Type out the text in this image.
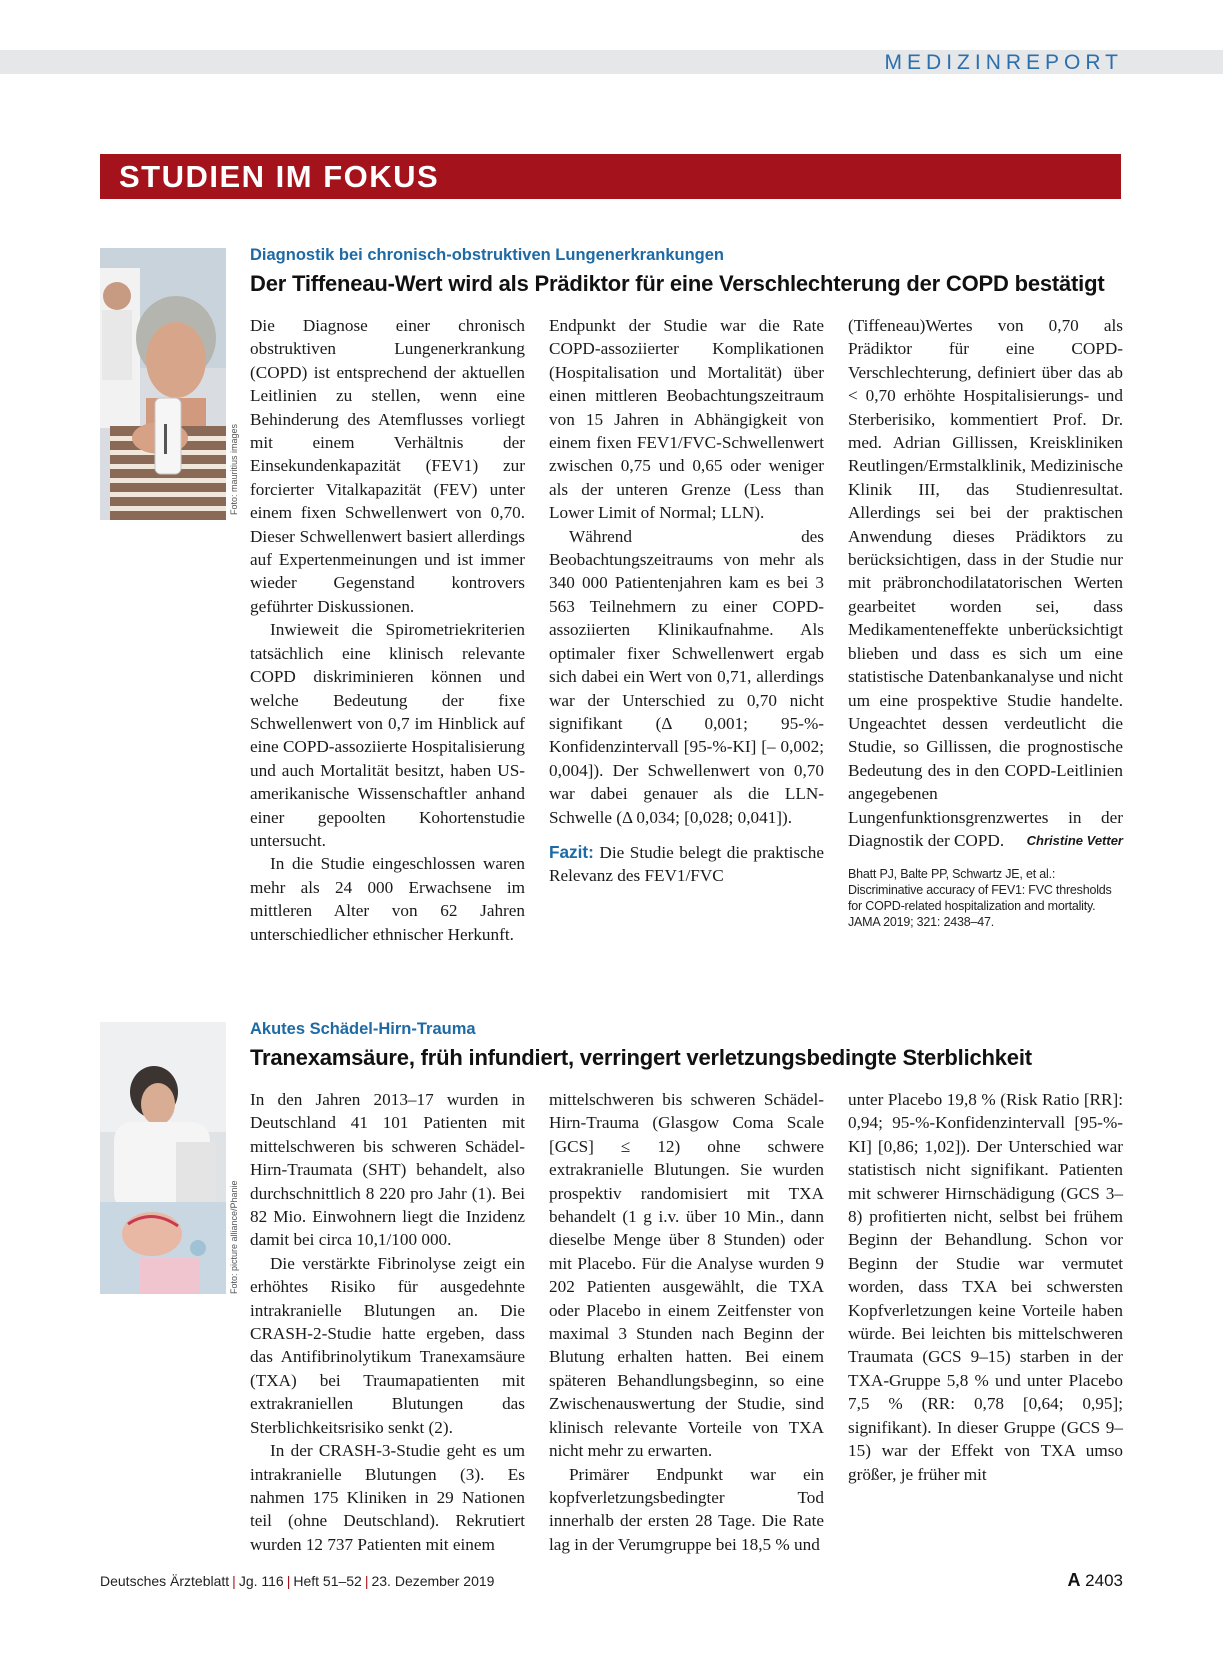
MEDIZINREPORT
STUDIEN IM FOKUS
Foto: mauritius images
Diagnostik bei chronisch-obstruktiven Lungenerkrankungen
Der Tiffeneau-Wert wird als Prädiktor für eine Verschlechterung der COPD bestätigt

Die Diagnose einer chronisch obstruktiven Lungenerkrankung (COPD) ist entsprechend der aktuellen Leitlinien zu stellen, wenn eine Behinderung des Atemflusses vorliegt mit einem Verhältnis der Einsekundenkapazität (FEV1) zur forcierter Vitalkapazität (FEV) unter einem fixen Schwellenwert von 0,70. Dieser Schwellenwert basiert allerdings auf Expertenmeinungen und ist immer wieder Gegenstand kontrovers geführter Diskussionen.

Inwieweit die Spirometriekriterien tatsächlich eine klinisch relevante COPD diskriminieren können und welche Bedeutung der fixe Schwellenwert von 0,7 im Hinblick auf eine COPD-assoziierte Hospitalisierung und auch Mortalität besitzt, haben US-amerikanische Wissenschaftler anhand einer gepoolten Kohortenstudie untersucht.

In die Studie eingeschlossen waren mehr als 24 000 Erwachsene im mittleren Alter von 62 Jahren unterschiedlicher ethnischer Herkunft.

Endpunkt der Studie war die Rate COPD-assoziierter Komplikationen (Hospitalisation und Mortalität) über einen mittleren Beobachtungszeitraum von 15 Jahren in Abhängigkeit von einem fixen FEV1/FVC-Schwellenwert zwischen 0,75 und 0,65 oder weniger als der unteren Grenze (Less than Lower Limit of Normal; LLN).

Während des Beobachtungszeitraums von mehr als 340 000 Patientenjahren kam es bei 3 563 Teilnehmern zu einer COPD-assoziierten Klinikaufnahme. Als optimaler fixer Schwellenwert ergab sich dabei ein Wert von 0,71, allerdings war der Unterschied zu 0,70 nicht signifikant (Δ 0,001; 95-%-Konfidenzintervall [95-%-KI] [– 0,002; 0,004]). Der Schwellenwert von 0,70 war dabei genauer als die LLN-Schwelle (Δ 0,034; [0,028; 0,041]).

Fazit: Die Studie belegt die praktische Relevanz des FEV1/FVC

(Tiffeneau)Wertes von 0,70 als Prädiktor für eine COPD-Verschlechterung, definiert über das ab < 0,70 erhöhte Hospitalisierungs- und Sterberisiko, kommentiert Prof. Dr. med. Adrian Gillissen, Kreiskliniken Reutlingen/Ermstalklinik, Medizinische Klinik III, das Studienresultat. Allerdings sei bei der praktischen Anwendung dieses Prädiktors zu berücksichtigen, dass in der Studie nur mit präbronchodilatatorischen Werten gearbeitet worden sei, dass Medikamenteneffekte unberücksichtigt blieben und dass es sich um eine statistische Datenbankanalyse und nicht um eine prospektive Studie handelte. Ungeachtet dessen verdeutlicht die Studie, so Gillissen, die prognostische Bedeutung des in den COPD-Leitlinien angegebenen Lungenfunktionsgrenzwertes in der Diagnostik der COPD. Christine Vetter

Bhatt PJ, Balte PP, Schwartz JE, et al.: Discriminative accuracy of FEV1: FVC thresholds for COPD-related hospitalization and mortality. JAMA 2019; 321: 2438–47.
Foto: picture alliance/Phanie
Akutes Schädel-Hirn-Trauma
Tranexamsäure, früh infundiert, verringert verletzungsbedingte Sterblichkeit

In den Jahren 2013–17 wurden in Deutschland 41 101 Patienten mit mittelschweren bis schweren Schädel-Hirn-Traumata (SHT) behandelt, also durchschnittlich 8 220 pro Jahr (1). Bei 82 Mio. Einwohnern liegt die Inzidenz damit bei circa 10,1/100 000.

Die verstärkte Fibrinolyse zeigt ein erhöhtes Risiko für ausgedehnte intrakranielle Blutungen an. Die CRASH-2-Studie hatte ergeben, dass das Antifibrinolytikum Tranexamsäure (TXA) bei Traumapatienten mit extrakraniellen Blutungen das Sterblichkeitsrisiko senkt (2).

In der CRASH-3-Studie geht es um intrakranielle Blutungen (3). Es nahmen 175 Kliniken in 29 Nationen teil (ohne Deutschland). Rekrutiert wurden 12 737 Patienten mit einem

mittelschweren bis schweren Schädel-Hirn-Trauma (Glasgow Coma Scale [GCS] ≤ 12) ohne schwere extrakranielle Blutungen. Sie wurden prospektiv randomisiert mit TXA behandelt (1 g i.v. über 10 Min., dann dieselbe Menge über 8 Stunden) oder mit Placebo. Für die Analyse wurden 9 202 Patienten ausgewählt, die TXA oder Placebo in einem Zeitfenster von maximal 3 Stunden nach Beginn der Blutung erhalten hatten. Bei einem späteren Behandlungsbeginn, so eine Zwischenauswertung der Studie, sind klinisch relevante Vorteile von TXA nicht mehr zu erwarten.

Primärer Endpunkt war ein kopfverletzungsbedingter Tod innerhalb der ersten 28 Tage. Die Rate lag in der Verumgruppe bei 18,5 % und

unter Placebo 19,8 % (Risk Ratio [RR]: 0,94; 95-%-Konfidenzintervall [95-%-KI] [0,86; 1,02]). Der Unterschied war statistisch nicht signifikant. Patienten mit schwerer Hirnschädigung (GCS 3–8) profitierten nicht, selbst bei frühem Beginn der Behandlung. Schon vor Beginn der Studie war vermutet worden, dass TXA bei schwersten Kopfverletzungen keine Vorteile haben würde. Bei leichten bis mittelschweren Traumata (GCS 9–15) starben in der TXA-Gruppe 5,8 % und unter Placebo 7,5 % (RR: 0,78 [0,64; 0,95]; signifikant). In dieser Gruppe (GCS 9–15) war der Effekt von TXA umso größer, je früher mit

Deutsches Ärzteblatt | Jg. 116 | Heft 51–52 | 23. Dezember 2019	A 2403
